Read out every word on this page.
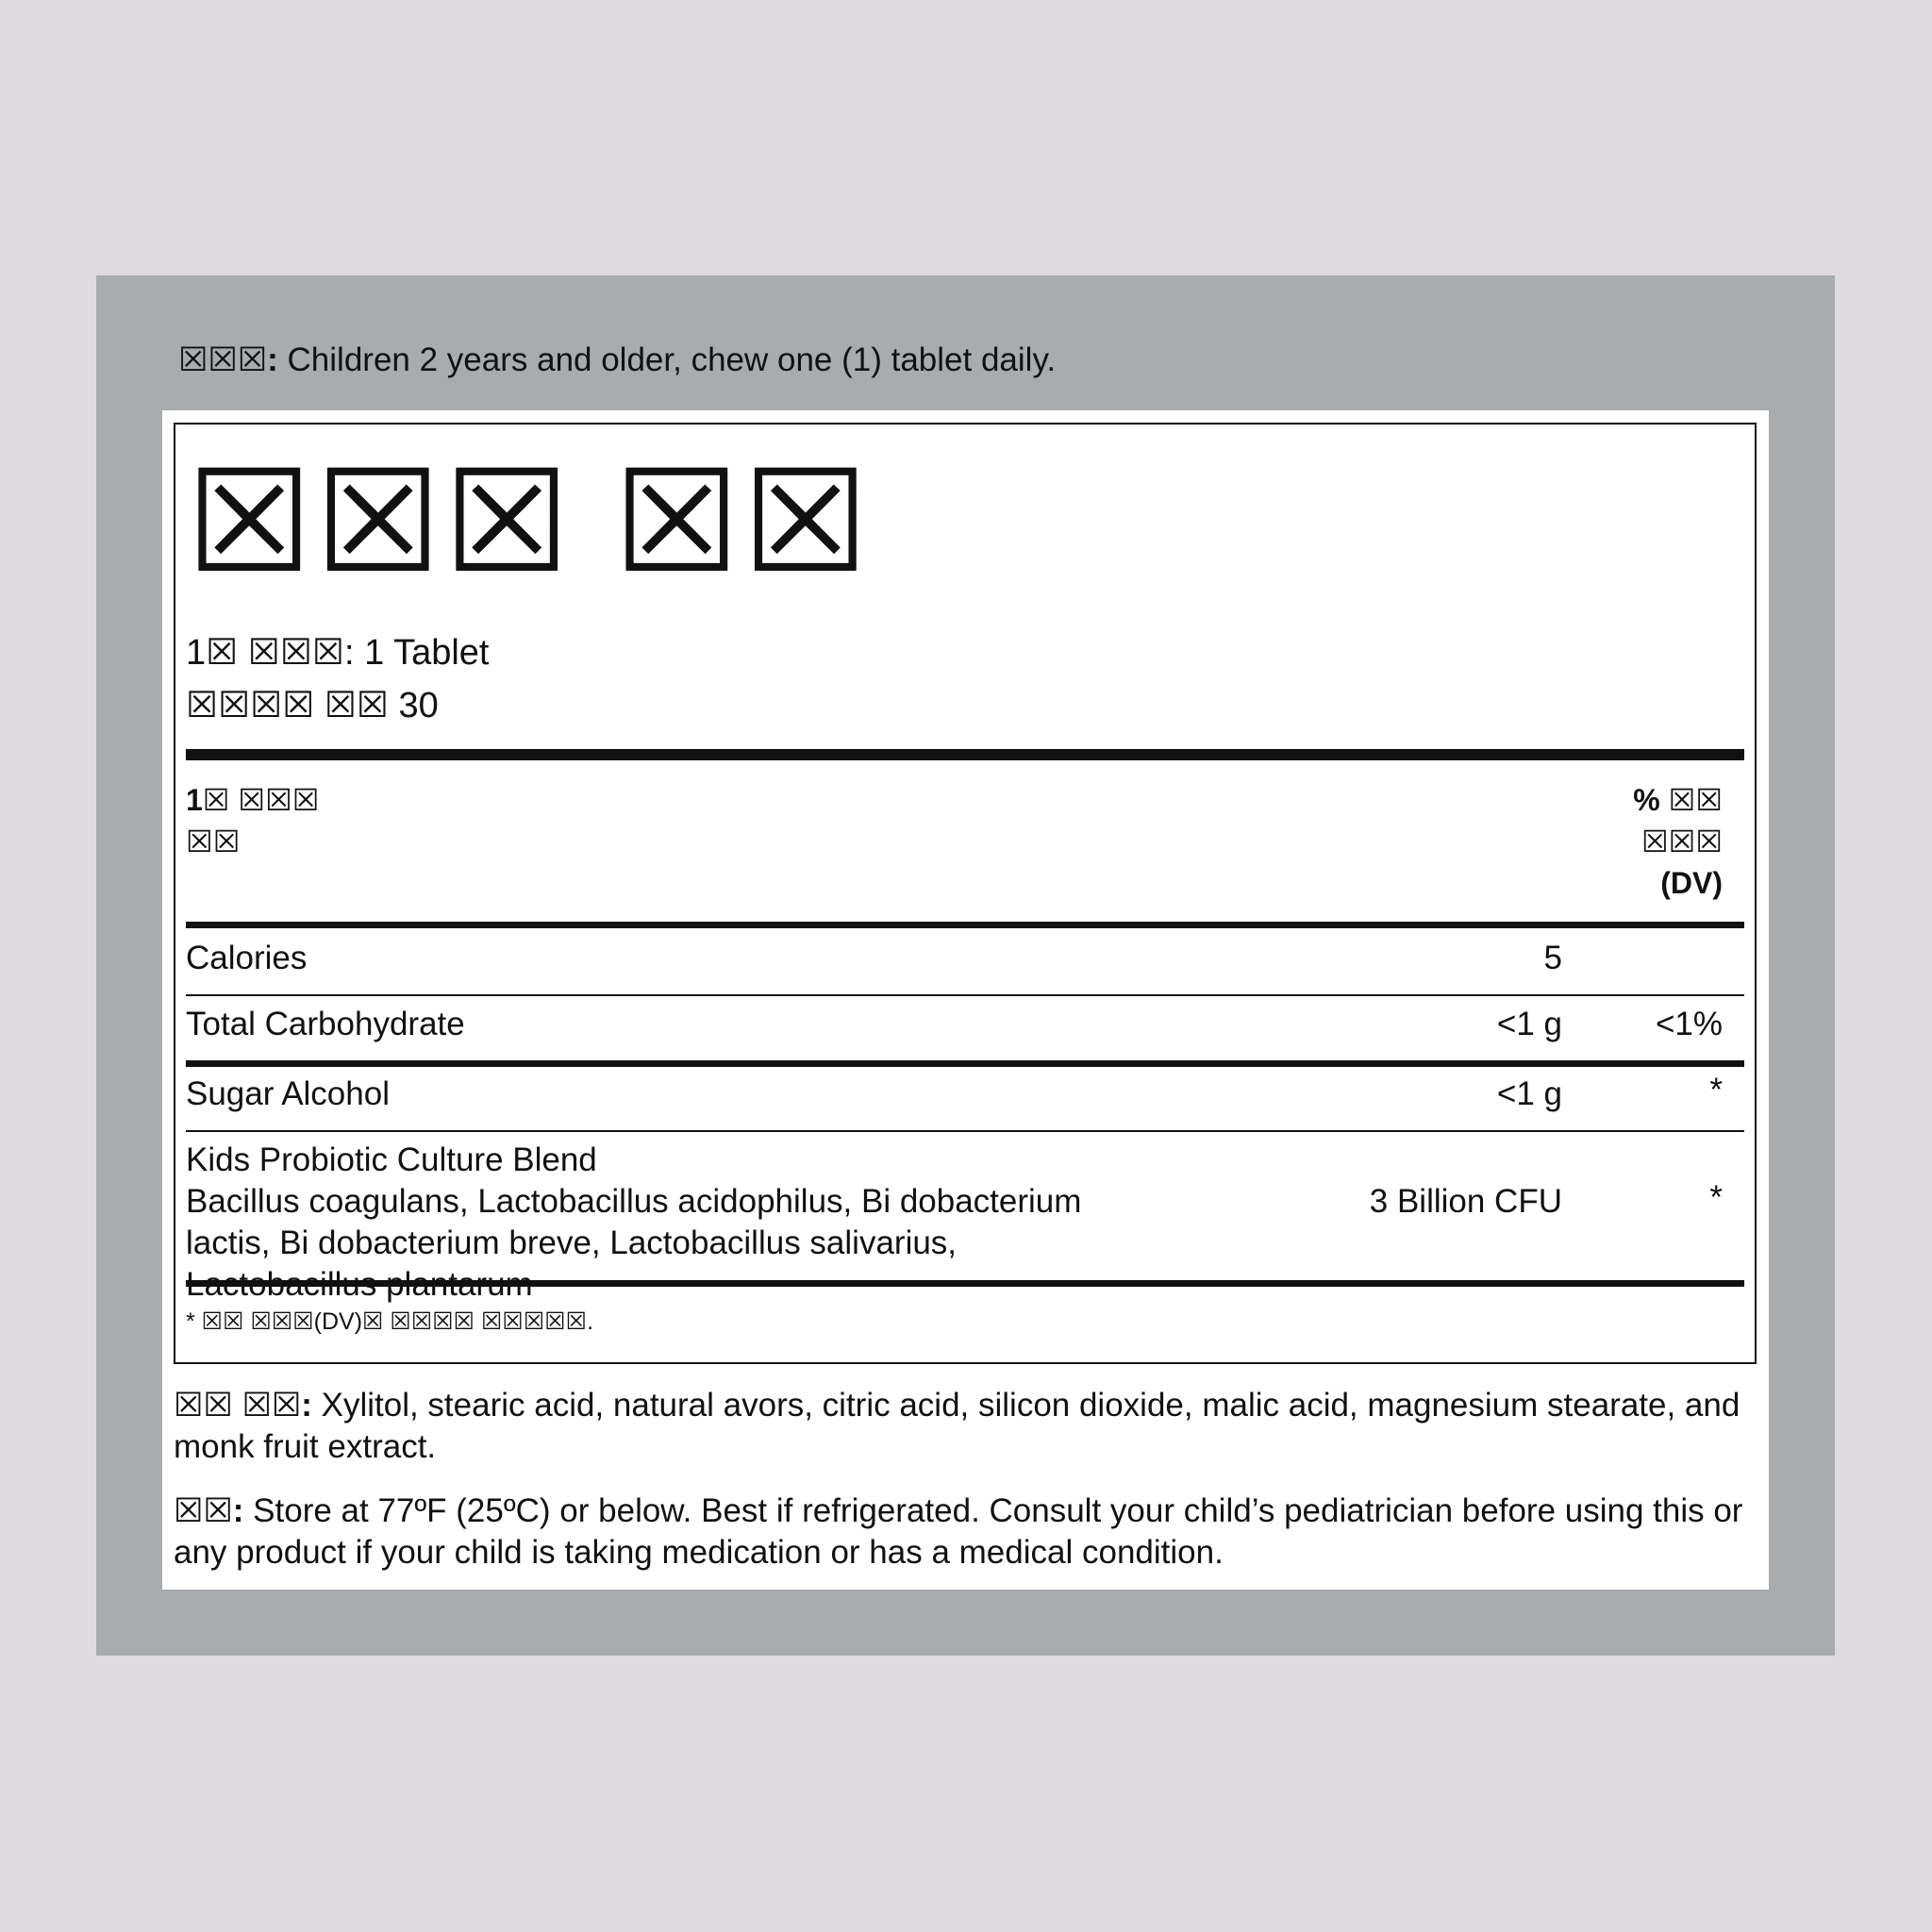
☒☒☒: Children 2 years and older, chew one (1) tablet daily.
☒☒☒ ☒☒
1☒ ☒☒☒: 1 Tablet
☒☒☒☒ ☒☒ 30
1☒ ☒☒☒
☒☒
% ☒☒
☒☒☒
(DV)
Calories	5
Total Carbohydrate	<1 g	<1%
Sugar Alcohol	<1 g	*
Kids Probiotic Culture Blend
Bacillus coagulans, Lactobacillus acidophilus, Bi dobacterium lactis, Bi dobacterium breve, Lactobacillus salivarius,
3 Billion CFU	*
* ☒☒ ☒☒☒(DV)☒ ☒☒☒☒ ☒☒☒☒☒.
☒☒ ☒☒: Xylitol, stearic acid, natural avors, citric acid, silicon dioxide, malic acid, magnesium stearate, and monk fruit extract.
☒☒: Store at 77ºF (25ºC) or below. Best if refrigerated. Consult your child’s pediatrician before using this or any product if your child is taking medication or has a medical condition.
